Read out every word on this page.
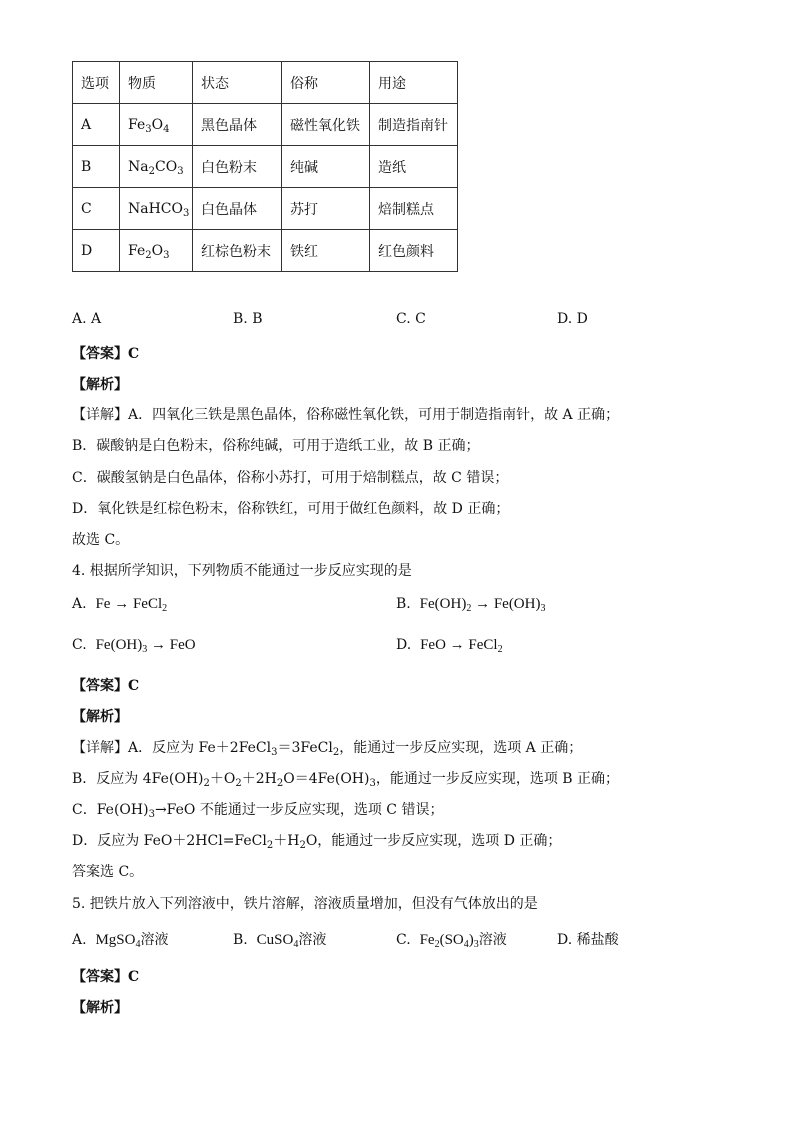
选项	物质	状态	俗称	用途
A	$Fe_3O_4$	黑色晶体	磁性氧化铁	制造指南针
B	$Na_2CO_3$	白色粉末	纯碱	造纸
C	NaHCO$_3$	白色晶体	苏打	焙制糕点
D	$Fe_2O_3$	红棕色粉末	铁红	红色颜料
A. A	B. B	C. C	D. D
【答案】C
【解析】
【详解】A．四氧化三铁是黑色晶体，俗称磁性氧化铁，可用于制造指南针，故 A 正确；
B．碳酸钠是白色粉末，俗称纯碱，可用于造纸工业，故 B 正确；
C．碳酸氢钠是白色晶体，俗称小苏打，可用于焙制糕点，故 C 错误；
D．氧化铁是红棕色粉末，俗称铁红，可用于做红色颜料，故 D 正确；
故选 C。
4. 根据所学知识，下列物质不能通过一步反应实现的是
A. Fe → FeCl$_2$	B. $Fe(OH)_2 \to Fe(OH)_3$
C. $Fe(OH)_3$ → FeO	D. FeO → FeCl$_2$
【答案】C
【解析】
【详解】A．反应为 Fe＋2FeCl$_3$＝3FeCl$_2$，能通过一步反应实现，选项 A 正确；
B．反应为 $4Fe(OH)_2+O_2+2H_2O=4Fe(OH)_3$，能通过一步反应实现，选项 B 正确；
C．$Fe(OH)_3\to FeO$ 不能通过一步反应实现，选项 C 错误；
D．反应为 $FeO+2HCl=FeCl_2+H_2O$，能通过一步反应实现，选项 D 正确；
答案选 C。
5. 把铁片放入下列溶液中，铁片溶解，溶液质量增加，但没有气体放出的是
A. MgSO$_4$溶液	B. CuSO$_4$溶液	C. $Fe_2(SO_4)_3$溶液	D. 稀盐酸
【答案】C
【解析】
